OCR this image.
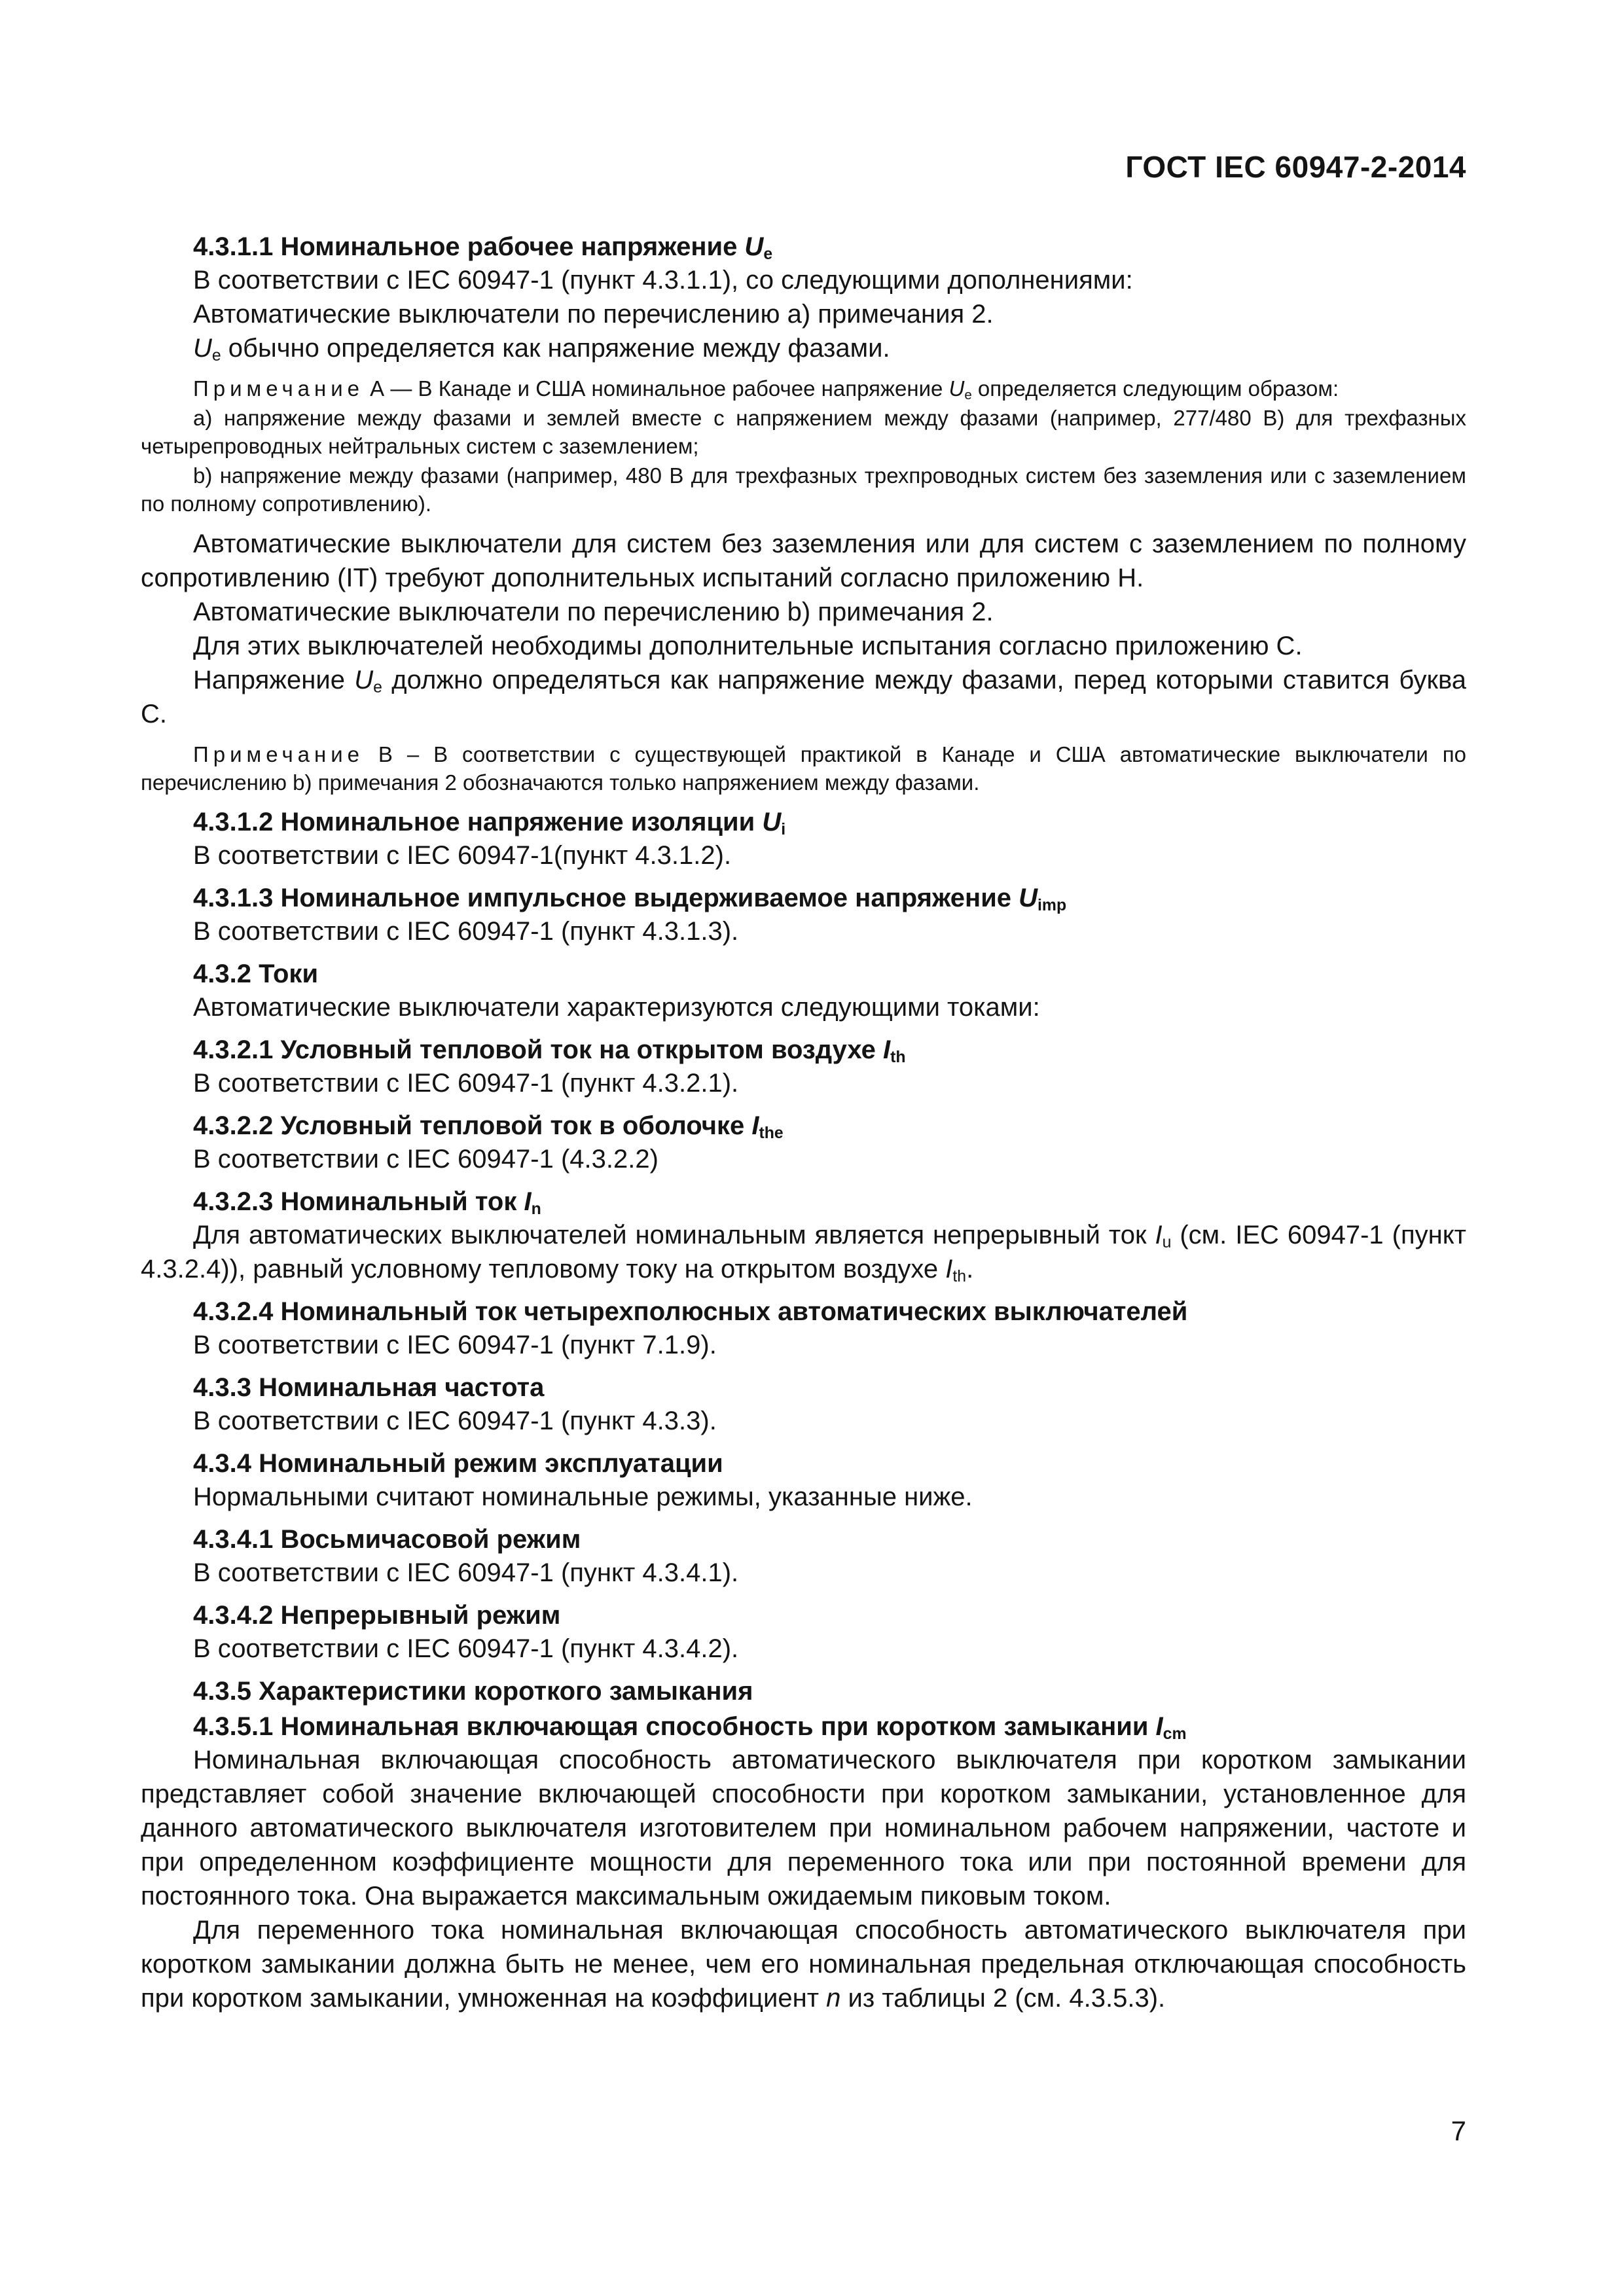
ГОСТ IEC 60947-2-2014

4.3.1.1 Номинальное рабочее напряжение $U_e$

В соответствии с IEC 60947-1 (пункт 4.3.1.1), со следующими дополнениями:

Автоматические выключатели по перечислению а) примечания 2.

$U_e$ обычно определяется как напряжение между фазами.

Примечание А — В Канаде и США номинальное рабочее напряжение $U_e$ определяется следующим образом:

a) напряжение между фазами и землей вместе с напряжением между фазами (например, 277/480 В) для трехфазных четырепроводных нейтральных систем с заземлением;

b) напряжение между фазами (например, 480 В для трехфазных трехпроводных систем без заземления или с заземлением по полному сопротивлению).

Автоматические выключатели для систем без заземления или для систем с заземлением по полному сопротивлению (IT) требуют дополнительных испытаний согласно приложению Н.

Автоматические выключатели по перечислению b) примечания 2.

Для этих выключателей необходимы дополнительные испытания согласно приложению С.

Напряжение $U_e$ должно определяться как напряжение между фазами, перед которыми ставится буква С.

Примечание В – В соответствии с существующей практикой в Канаде и США автоматические выключатели по перечислению b) примечания 2 обозначаются только напряжением между фазами.

4.3.1.2 Номинальное напряжение изоляции $U_i$

В соответствии с IEC 60947-1(пункт 4.3.1.2).

4.3.1.3 Номинальное импульсное выдерживаемое напряжение $U_{imp}$

В соответствии с IEC 60947-1 (пункт 4.3.1.3).

4.3.2 Токи

Автоматические выключатели характеризуются следующими токами:

4.3.2.1 Условный тепловой ток на открытом воздухе $I_{th}$

В соответствии с IEC 60947-1 (пункт 4.3.2.1).

4.3.2.2 Условный тепловой ток в оболочке $I_{the}$

В соответствии с IEC 60947-1 (4.3.2.2)

4.3.2.3 Номинальный ток $I_n$

Для автоматических выключателей номинальным является непрерывный ток $I_u$ (см. IEC 60947-1 (пункт 4.3.2.4)), равный условному тепловому току на открытом воздухе $I_{th}$.

4.3.2.4 Номинальный ток четырехполюсных автоматических выключателей

В соответствии с IEC 60947-1 (пункт 7.1.9).

4.3.3 Номинальная частота

В соответствии с IEC 60947-1 (пункт 4.3.3).

4.3.4 Номинальный режим эксплуатации

Нормальными считают номинальные режимы, указанные ниже.

4.3.4.1 Восьмичасовой режим

В соответствии с IEC 60947-1 (пункт 4.3.4.1).

4.3.4.2 Непрерывный режим

В соответствии с IEC 60947-1 (пункт 4.3.4.2).

4.3.5 Характеристики короткого замыкания

4.3.5.1 Номинальная включающая способность при коротком замыкании $I_{cm}$

Номинальная включающая способность автоматического выключателя при коротком замыкании представляет собой значение включающей способности при коротком замыкании, установленное для данного автоматического выключателя изготовителем при номинальном рабочем напряжении, частоте и при определенном коэффициенте мощности для переменного тока или при постоянной времени для постоянного тока. Она выражается максимальным ожидаемым пиковым током.

Для переменного тока номинальная включающая способность автоматического выключателя при коротком замыкании должна быть не менее, чем его номинальная предельная отключающая способность при коротком замыкании, умноженная на коэффициент n из таблицы 2 (см. 4.3.5.3).

7
